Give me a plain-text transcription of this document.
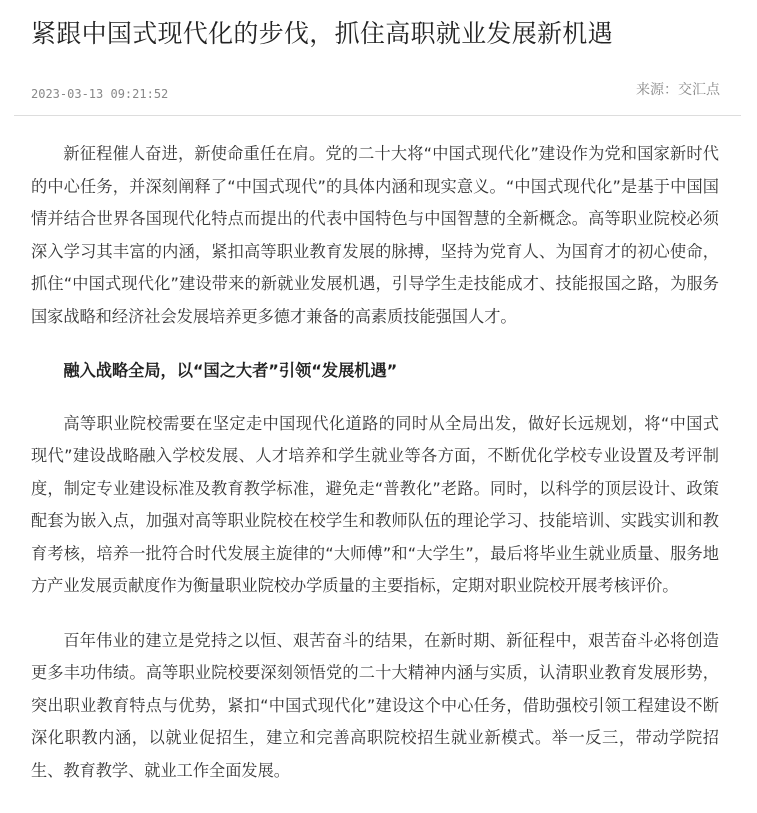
紧跟中国式现代化的步伐，抓住高职就业发展新机遇
2023-03-13 09:21:52	来源：交汇点

新征程催人奋进，新使命重任在肩。党的二十大将“中国式现代化”建设作为党和国家新时代的中心任务，并深刻阐释了“中国式现代”的具体内涵和现实意义。“中国式现代化”是基于中国国情并结合世界各国现代化特点而提出的代表中国特色与中国智慧的全新概念。高等职业院校必须深入学习其丰富的内涵，紧扣高等职业教育发展的脉搏，坚持为党育人、为国育才的初心使命，抓住“中国式现代化”建设带来的新就业发展机遇，引导学生走技能成才、技能报国之路，为服务国家战略和经济社会发展培养更多德才兼备的高素质技能强国人才。

融入战略全局，以“国之大者”引领“发展机遇”

高等职业院校需要在坚定走中国现代化道路的同时从全局出发，做好长远规划，将“中国式现代”建设战略融入学校发展、人才培养和学生就业等各方面，不断优化学校专业设置及考评制度，制定专业建设标准及教育教学标准，避免走“普教化”老路。同时，以科学的顶层设计、政策配套为嵌入点，加强对高等职业院校在校学生和教师队伍的理论学习、技能培训、实践实训和教育考核，培养一批符合时代发展主旋律的“大师傅”和“大学生”，最后将毕业生就业质量、服务地方产业发展贡献度作为衡量职业院校办学质量的主要指标，定期对职业院校开展考核评价。

百年伟业的建立是党持之以恒、艰苦奋斗的结果，在新时期、新征程中，艰苦奋斗必将创造更多丰功伟绩。高等职业院校要深刻领悟党的二十大精神内涵与实质，认清职业教育发展形势，突出职业教育特点与优势，紧扣“中国式现代化”建设这个中心任务，借助强校引领工程建设不断深化职教内涵，以就业促招生，建立和完善高职院校招生就业新模式。举一反三，带动学院招生、教育教学、就业工作全面发展。
